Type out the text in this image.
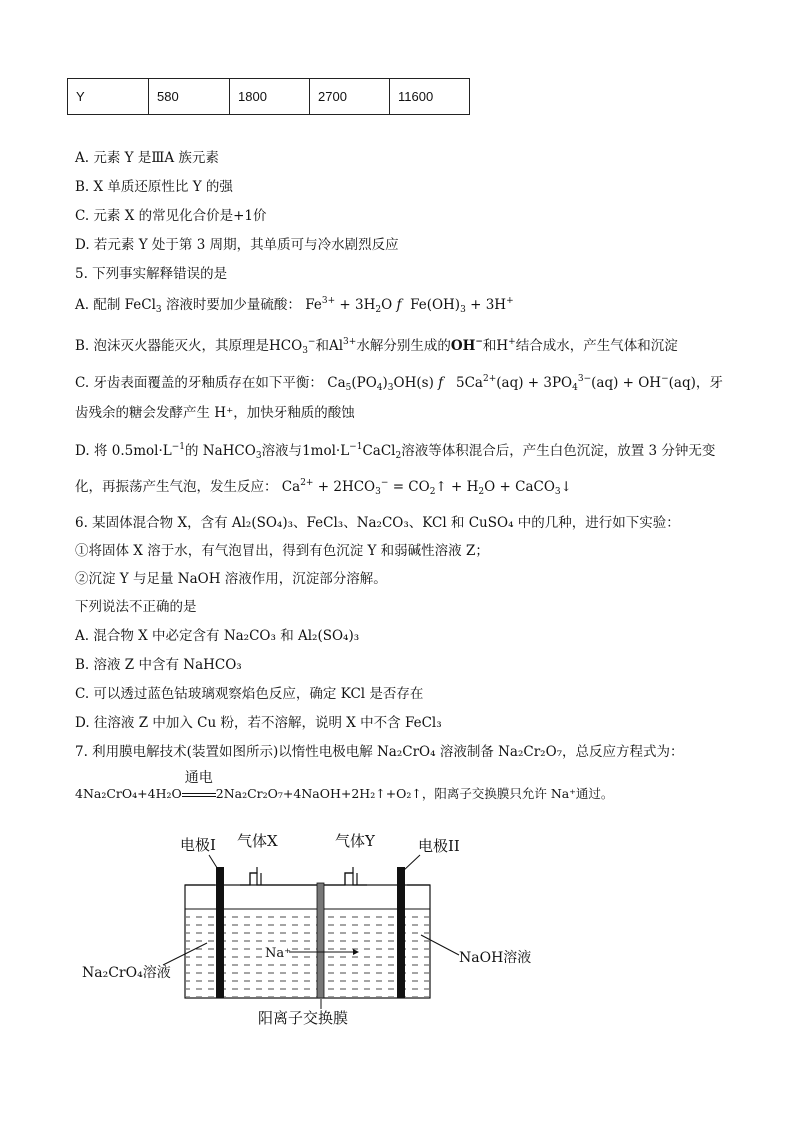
Y	580	1800	2700	11600
A. 元素 Y 是ⅢA 族元素
B. X 单质还原性比 Y 的强
C. 元素 X 的常见化合价是+1价
D. 若元素 Y 处于第 3 周期，其单质可与冷水剧烈反应
5. 下列事实解释错误的是
A. 配制 FeCl$_3$ 溶液时要加少量硫酸： $Fe^{3+} + 3H_2O$ f  $Fe(OH)_3 + 3H^+$
B. 泡沫灭火器能灭火，其原理是$HCO_3^-$和$Al^{3+}$水解分别生成的OH−和H+结合成水，产生气体和沉淀
C. 牙齿表面覆盖的牙釉质存在如下平衡： $Ca_5(PO_4)_3OH(s)$ f   $5Ca^{2+}(aq) + 3PO_4^{3-}(aq) + OH^-(aq)$，牙
齿残余的糖会发酵产生 H⁺，加快牙釉质的酸蚀
D. 将 $0.5mol\cdot L^{-1}$的 NaHCO$_3$溶液与$1mol\cdot L^{-1}CaCl_2$溶液等体积混合后，产生白色沉淀，放置 3 分钟无变
化，再振荡产生气泡，发生反应： $Ca^{2+} + 2HCO_3^-$ = $CO_2↑ + H_2O$ + CaCO$_3$↓
6. 某固体混合物 X，含有 Al₂(SO₄)₃、FeCl₃、Na₂CO₃、KCl 和 CuSO₄ 中的几种，进行如下实验：
①将固体 X 溶于水，有气泡冒出，得到有色沉淀 Y 和弱碱性溶液 Z；
②沉淀 Y 与足量 NaOH 溶液作用，沉淀部分溶解。
下列说法不正确的是
A. 混合物 X 中必定含有 Na₂CO₃ 和 Al₂(SO₄)₃
B. 溶液 Z 中含有 NaHCO₃
C. 可以透过蓝色钴玻璃观察焰色反应，确定 KCl 是否存在
D. 往溶液 Z 中加入 Cu 粉，若不溶解，说明 X 中不含 FeCl₃
7. 利用膜电解技术(装置如图所示)以惰性电极电解 Na₂CrO₄ 溶液制备 Na₂Cr₂O₇，总反应方程式为：
4Na₂CrO₄+4H₂O
通电
2Na₂Cr₂O₇+4NaOH+2H₂↑+O₂↑，阳离子交换膜只允许 Na⁺通过。
Na⁺
电极I 气体X	气体Y	电极II
Na₂CrO₄溶液
NaOH溶液
阳离子交换膜
